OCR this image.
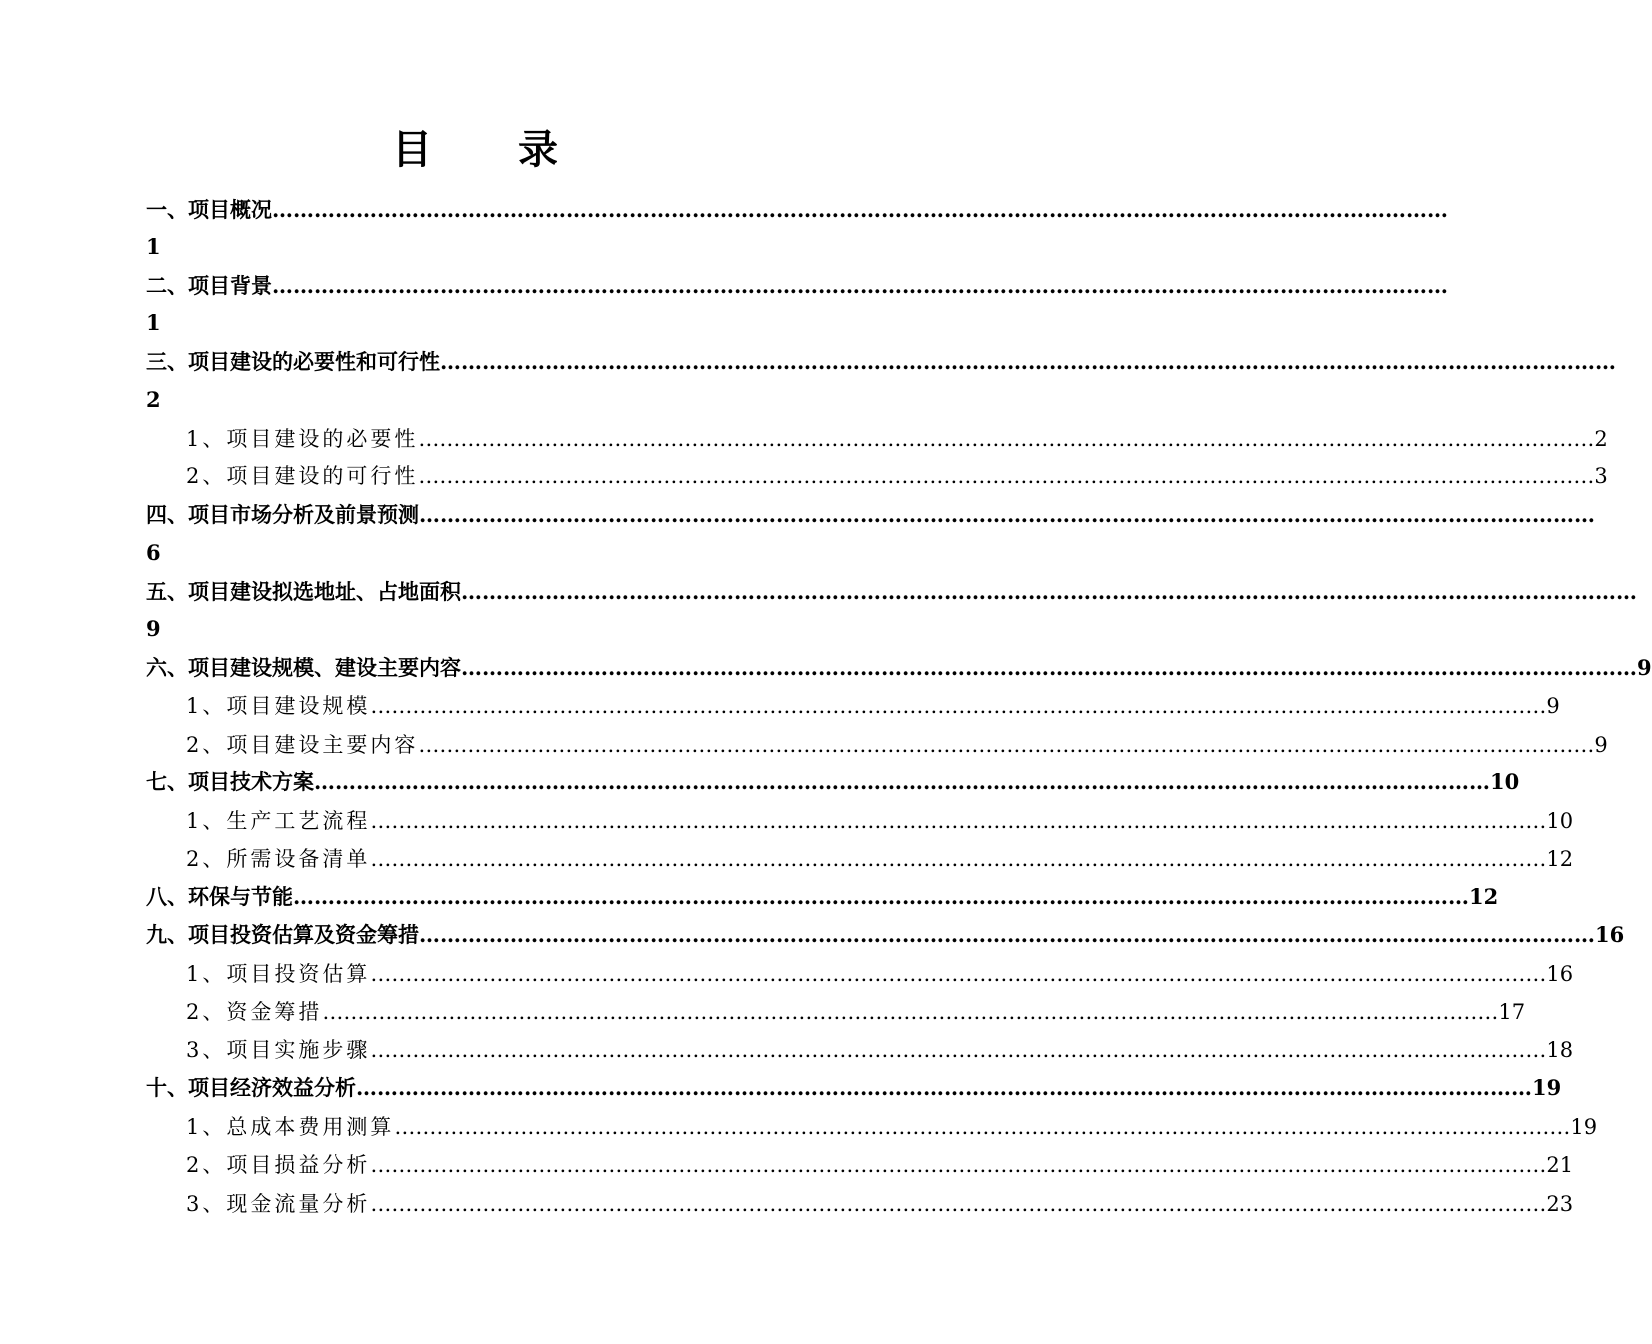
目 录
一、项目概况 ……………………………………………………………………………………………………………………………………………………
1
二、项目背景 ……………………………………………………………………………………………………………………………………………………
1
三、项目建设的必要性和可行性 ……………………………………………………………………………………………………………………………………………………
2
1、项目建设的必要性 …………………………………………………………………………………………………………………………………………………… 2
2、项目建设的可行性 …………………………………………………………………………………………………………………………………………………… 3
四、项目市场分析及前景预测 ……………………………………………………………………………………………………………………………………………………
6
五、项目建设拟选地址、占地面积 ……………………………………………………………………………………………………………………………………………………
9
六、项目建设规模、建设主要内容 …………………………………………………………………………………………………………………………………………………… 9
1、项目建设规模 …………………………………………………………………………………………………………………………………………………… 9
2、项目建设主要内容 …………………………………………………………………………………………………………………………………………………… 9
七、项目技术方案 …………………………………………………………………………………………………………………………………………………… 10
1、生产工艺流程 …………………………………………………………………………………………………………………………………………………… 10
2、所需设备清单 …………………………………………………………………………………………………………………………………………………… 12
八、环保与节能 …………………………………………………………………………………………………………………………………………………… 12
九、项目投资估算及资金筹措 …………………………………………………………………………………………………………………………………………………… 16
1、项目投资估算 …………………………………………………………………………………………………………………………………………………… 16
2、资金筹措 …………………………………………………………………………………………………………………………………………………… 17
3、项目实施步骤 …………………………………………………………………………………………………………………………………………………… 18
十、项目经济效益分析 …………………………………………………………………………………………………………………………………………………… 19
1、总成本费用测算 …………………………………………………………………………………………………………………………………………………… 19
2、项目损益分析 …………………………………………………………………………………………………………………………………………………… 21
3、现金流量分析 …………………………………………………………………………………………………………………………………………………… 23
